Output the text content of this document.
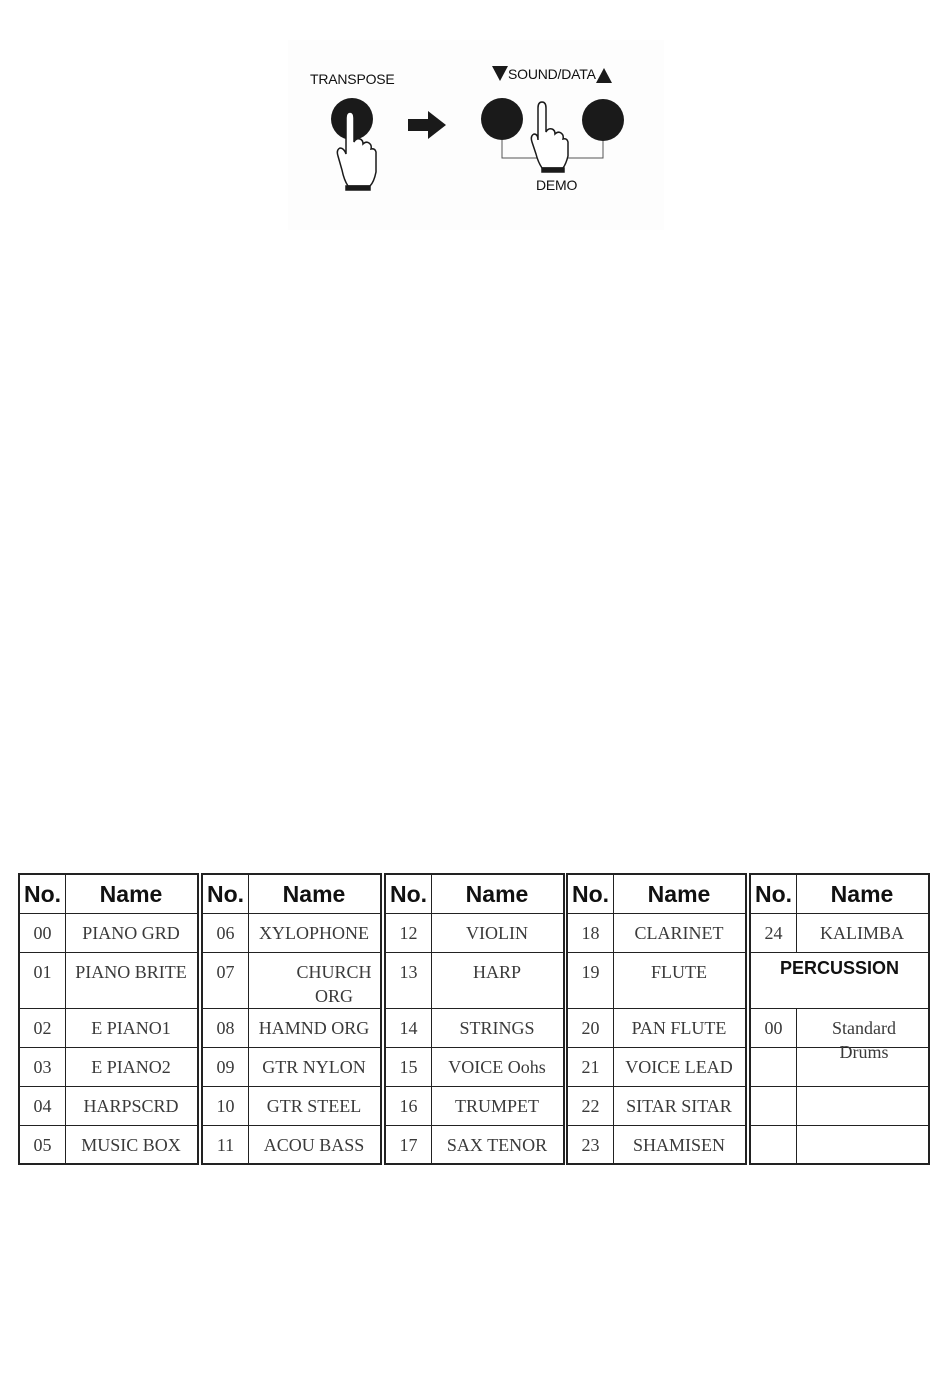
TRANSPOSE	SOUND/DATA
DEMO
No.	Name
00	PIANO GRD
01	PIANO BRITE
02	E PIANO1
03	E PIANO2
04	HARPSCRD
05	MUSIC BOX
No.	Name
06	XYLOPHONE
07	CHURCH ORG
08	HAMND ORG
09	GTR NYLON
10	GTR STEEL
11	ACOU BASS
No.	Name
12	VIOLIN
13	HARP
14	STRINGS
15	VOICE Oohs
16	TRUMPET
17	SAX TENOR
No.	Name
18	CLARINET
19	FLUTE
20	PAN FLUTE
21	VOICE LEAD
22	SITAR SITAR
23	SHAMISEN
No.	Name
24	KALIMBA
PERCUSSION
00	Standard Drums
